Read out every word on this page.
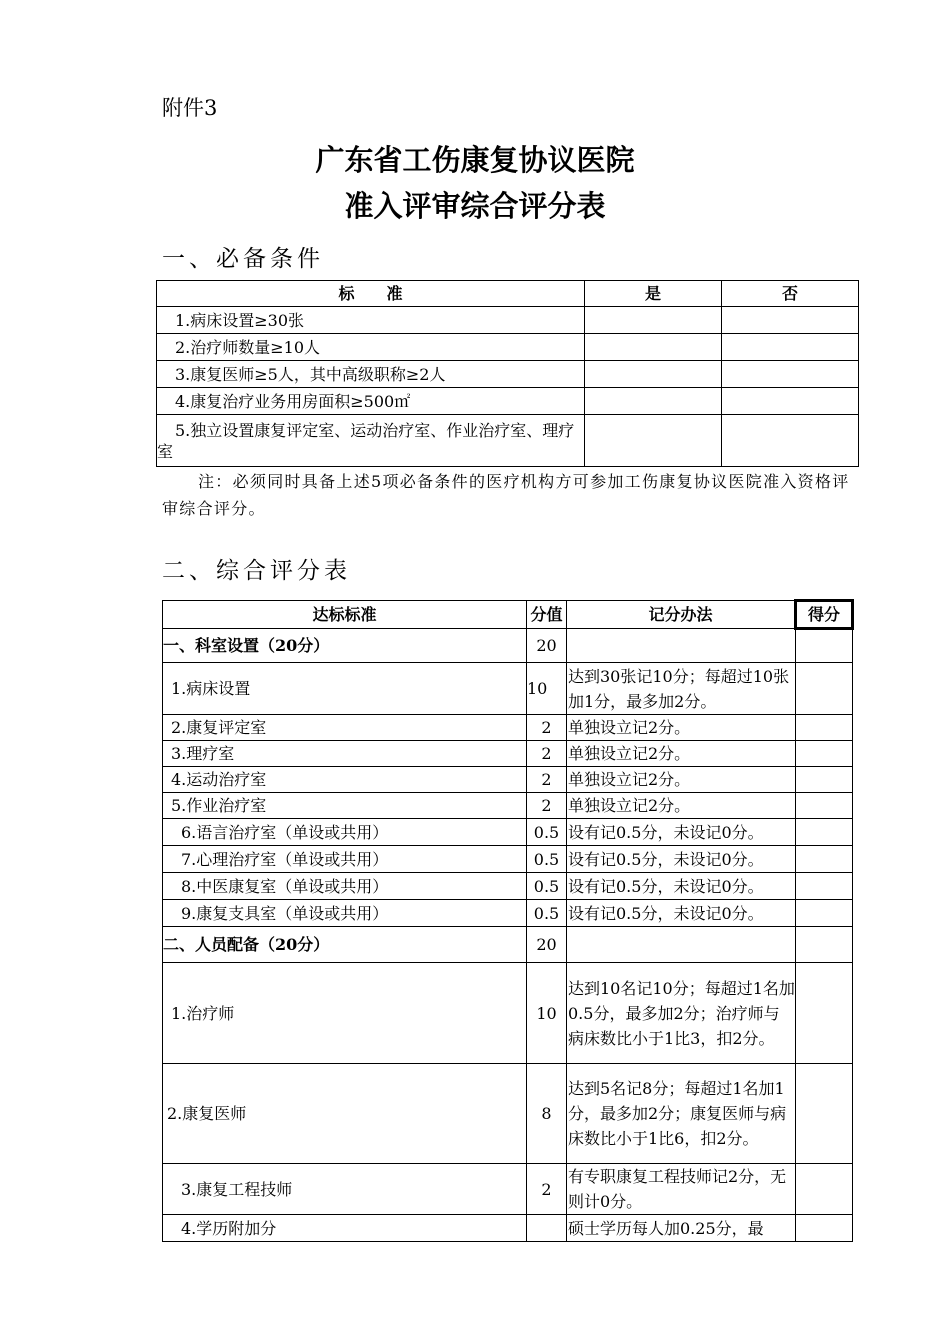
附件3
广东省工伤康复协议医院
准入评审综合评分表
一、必备条件
标　　准	是	否
1.病床设置≥30张		
2.治疗师数量≥10人		
3.康复医师≥5人，其中高级职称≥2人		
4.康复治疗业务用房面积≥500㎡		
5.独立设置康复评定室、运动治疗室、作业治疗室、理疗室		
注：必须同时具备上述5项必备条件的医疗机构方可参加工伤康复协议医院准入资格评审综合评分。
二、综合评分表
达标标准	分值	记分办法	得分
一、科室设置（20分）	20		
1.病床设置	10	达到30张记10分；每超过10张加1分，最多加2分。	
2.康复评定室	2	单独设立记2分。	
3.理疗室	2	单独设立记2分。	
4.运动治疗室	2	单独设立记2分。	
5.作业治疗室	2	单独设立记2分。	
6.语言治疗室（单设或共用）	0.5	设有记0.5分，未设记0分。	
7.心理治疗室（单设或共用）	0.5	设有记0.5分，未设记0分。	
8.中医康复室（单设或共用）	0.5	设有记0.5分，未设记0分。	
9.康复支具室（单设或共用）	0.5	设有记0.5分，未设记0分。	
二、人员配备（20分）	20		
1.治疗师	10	达到10名记10分；每超过1名加0.5分，最多加2分；治疗师与病床数比小于1比3，扣2分。	
2.康复医师	8	达到5名记8分；每超过1名加1分，最多加2分；康复医师与病床数比小于1比6，扣2分。	
3.康复工程技师	2	有专职康复工程技师记2分，无则计0分。	
4.学历附加分		硕士学历每人加0.25分，最	
